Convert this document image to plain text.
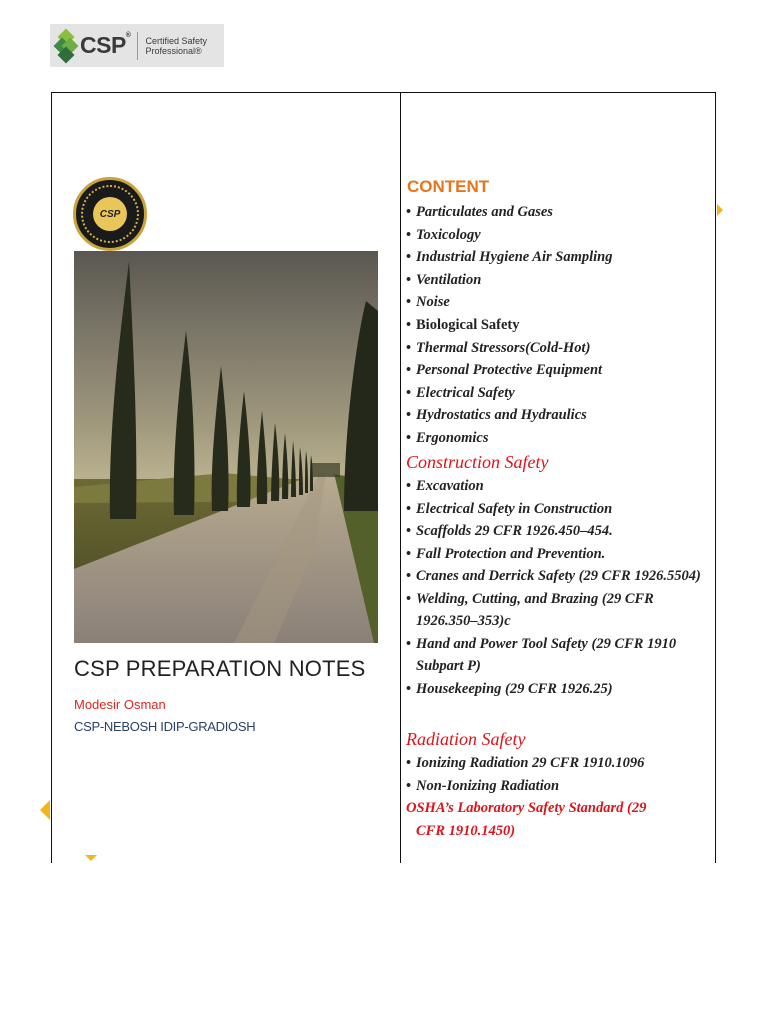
CSP® Certified Safety
Professional®
CSP
CSP PREPARATION NOTES
Modesir Osman
CSP-NEBOSH IDIP-GRADIOSH
CONTENT
• Particulates and Gases
• Toxicology
• Industrial Hygiene Air Sampling
• Ventilation
• Noise
• Biological Safety
• Thermal Stressors(Cold-Hot)
• Personal Protective Equipment
• Electrical Safety
• Hydrostatics and Hydraulics
• Ergonomics
Construction Safety
• Excavation
• Electrical Safety in Construction
• Scaffolds 29 CFR 1926.450–454.
• Fall Protection and Prevention.
• Cranes and Derrick Safety (29 CFR 1926.5504)
• Welding, Cutting, and Brazing (29 CFR 1926.350–353)c
• Hand and Power Tool Safety (29 CFR 1910 Subpart P)
• Housekeeping (29 CFR 1926.25)
Radiation Safety
• Ionizing Radiation 29 CFR 1910.1096
• Non-Ionizing Radiation
OSHA’s Laboratory Safety Standard (29
CFR 1910.1450)
